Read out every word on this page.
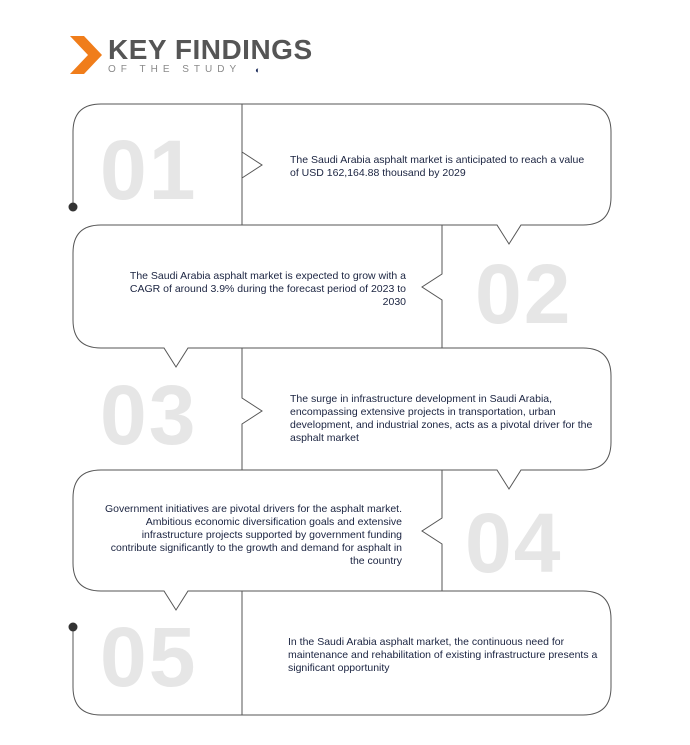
KEY FINDINGS
OF THE STUDY ◐
01
02
03
04
05
The Saudi Arabia asphalt market is anticipated to reach a value of USD 162,164.88 thousand by 2029
The Saudi Arabia asphalt market is expected to grow with a CAGR of around 3.9% during the forecast period of 2023 to 2030
The surge in infrastructure development in Saudi Arabia, encompassing extensive projects in transportation, urban development, and industrial zones, acts as a pivotal driver for the asphalt market
Government initiatives are pivotal drivers for the asphalt market. Ambitious economic diversification goals and extensive infrastructure projects supported by government funding contribute significantly to the growth and demand for asphalt in the country
In the Saudi Arabia asphalt market, the continuous need for maintenance and rehabilitation of existing infrastructure presents a significant opportunity
